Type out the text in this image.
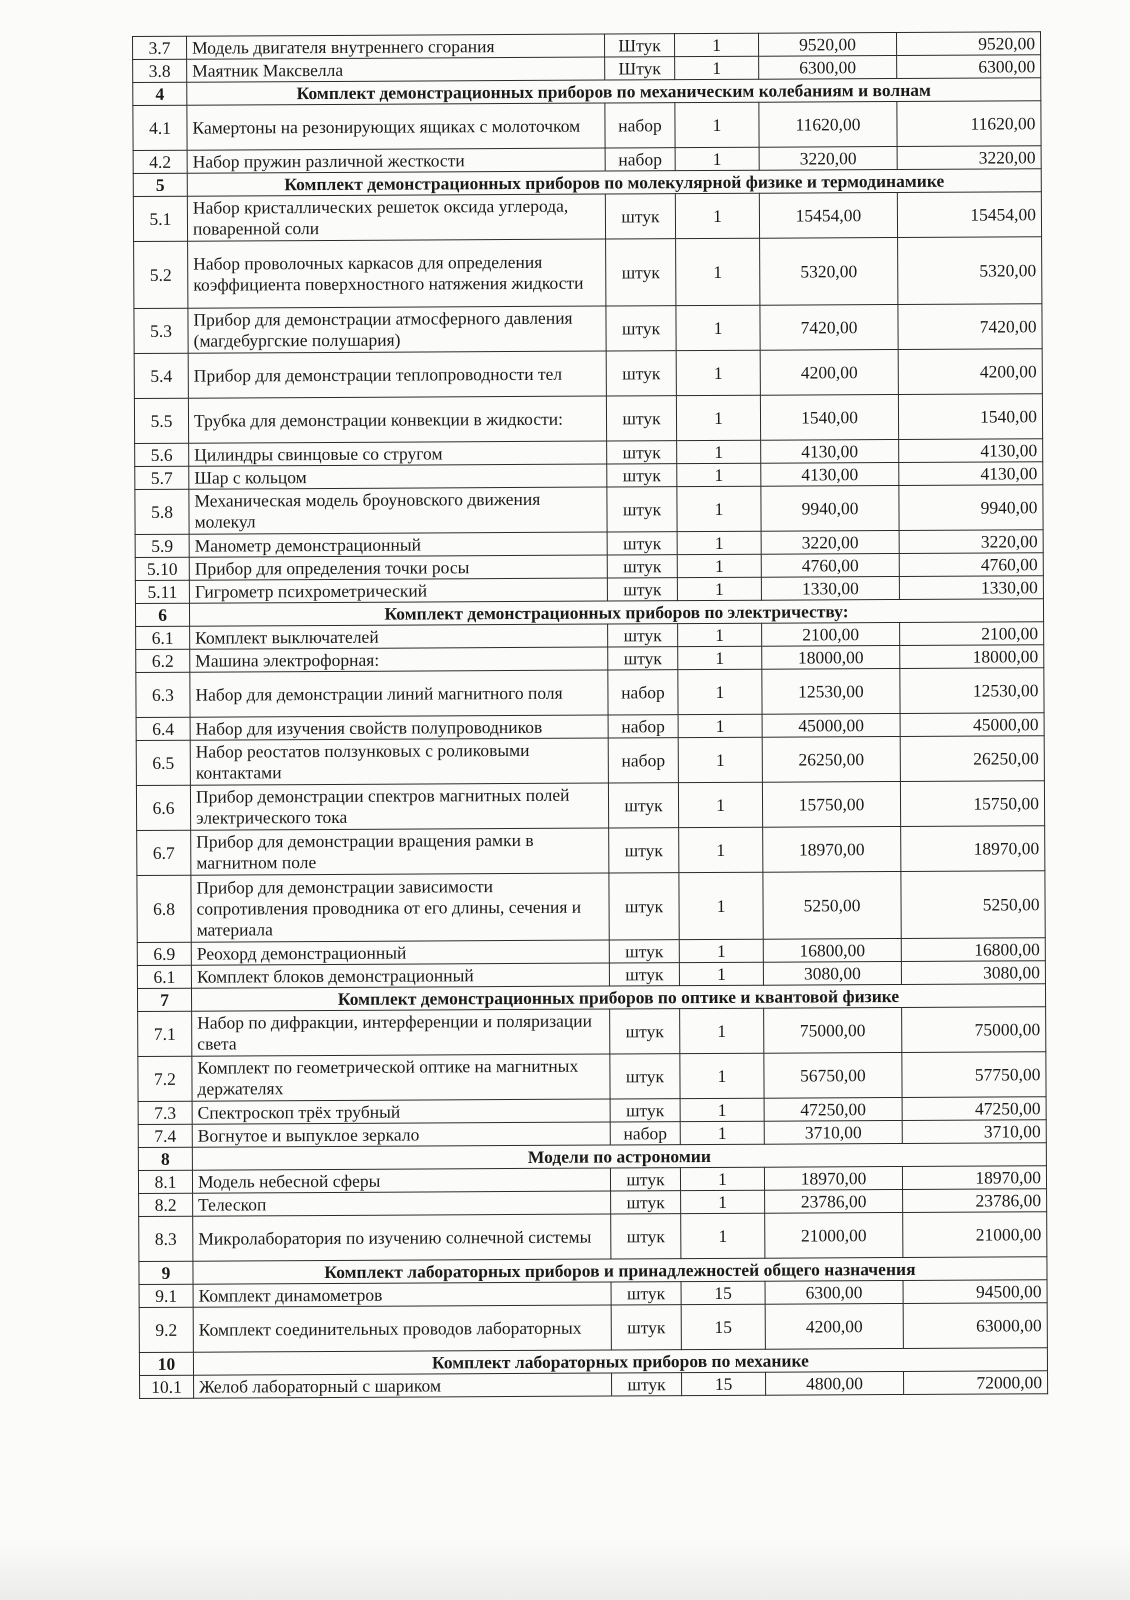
3.7	Модель двигателя внутреннего сгорания	Штук	1	9520,00	9520,00
3.8	Маятник Максвелла	Штук	1	6300,00	6300,00
4	Комплект демонстрационных приборов по механическим колебаниям и волнам				
4.1	Камертоны на резонирующих ящиках с молоточком	набор	1	11620,00	11620,00
4.2	Набор пружин различной жесткости	набор	1	3220,00	3220,00
5	Комплект демонстрационных приборов по молекулярной физике и термодинамике				
5.1	Набор кристаллических решеток оксида углерода, поваренной соли	штук	1	15454,00	15454,00
5.2	Набор проволочных каркасов для определения коэффициента поверхностного натяжения жидкости	штук	1	5320,00	5320,00
5.3	Прибор для демонстрации атмосферного давления (магдебургские полушария)	штук	1	7420,00	7420,00
5.4	Прибор для демонстрации теплопроводности тел	штук	1	4200,00	4200,00
5.5	Трубка для демонстрации конвекции в жидкости:	штук	1	1540,00	1540,00
5.6	Цилиндры свинцовые со стругом	штук	1	4130,00	4130,00
5.7	Шар с кольцом	штук	1	4130,00	4130,00
5.8	Механическая модель броуновского движения молекул	штук	1	9940,00	9940,00
5.9	Манометр демонстрационный	штук	1	3220,00	3220,00
5.10	Прибор для определения точки росы	штук	1	4760,00	4760,00
5.11	Гигрометр психрометрический	штук	1	1330,00	1330,00
6	Комплект демонстрационных приборов по электричеству:				
6.1	Комплект выключателей	штук	1	2100,00	2100,00
6.2	Машина электрофорная:	штук	1	18000,00	18000,00
6.3	Набор для демонстрации линий магнитного поля	набор	1	12530,00	12530,00
6.4	Набор для изучения свойств полупроводников	набор	1	45000,00	45000,00
6.5	Набор реостатов ползунковых с роликовыми контактами	набор	1	26250,00	26250,00
6.6	Прибор демонстрации спектров магнитных полей электрического тока	штук	1	15750,00	15750,00
6.7	Прибор для демонстрации вращения рамки в магнитном поле	штук	1	18970,00	18970,00
6.8	Прибор для демонстрации зависимости сопротивления проводника от его длины, сечения и материала	штук	1	5250,00	5250,00
6.9	Реохорд демонстрационный	штук	1	16800,00	16800,00
6.1	Комплект блоков демонстрационный	штук	1	3080,00	3080,00
7	Комплект демонстрационных приборов по оптике и квантовой физике				
7.1	Набор по дифракции, интерференции и поляризации света	штук	1	75000,00	75000,00
7.2	Комплект по геометрической оптике на магнитных держателях	штук	1	56750,00	57750,00
7.3	Спектроскоп трёх трубный	штук	1	47250,00	47250,00
7.4	Вогнутое и выпуклое зеркало	набор	1	3710,00	3710,00
8	Модели по астрономии				
8.1	Модель небесной сферы	штук	1	18970,00	18970,00
8.2	Телескоп	штук	1	23786,00	23786,00
8.3	Микролаборатория по изучению солнечной системы	штук	1	21000,00	21000,00
9	Комплект лабораторных приборов и принадлежностей общего назначения				
9.1	Комплект динамометров	штук	15	6300,00	94500,00
9.2	Комплект соединительных проводов лабораторных	штук	15	4200,00	63000,00
10	Комплект лабораторных приборов по механике				
10.1	Желоб лабораторный с шариком	штук	15	4800,00	72000,00
